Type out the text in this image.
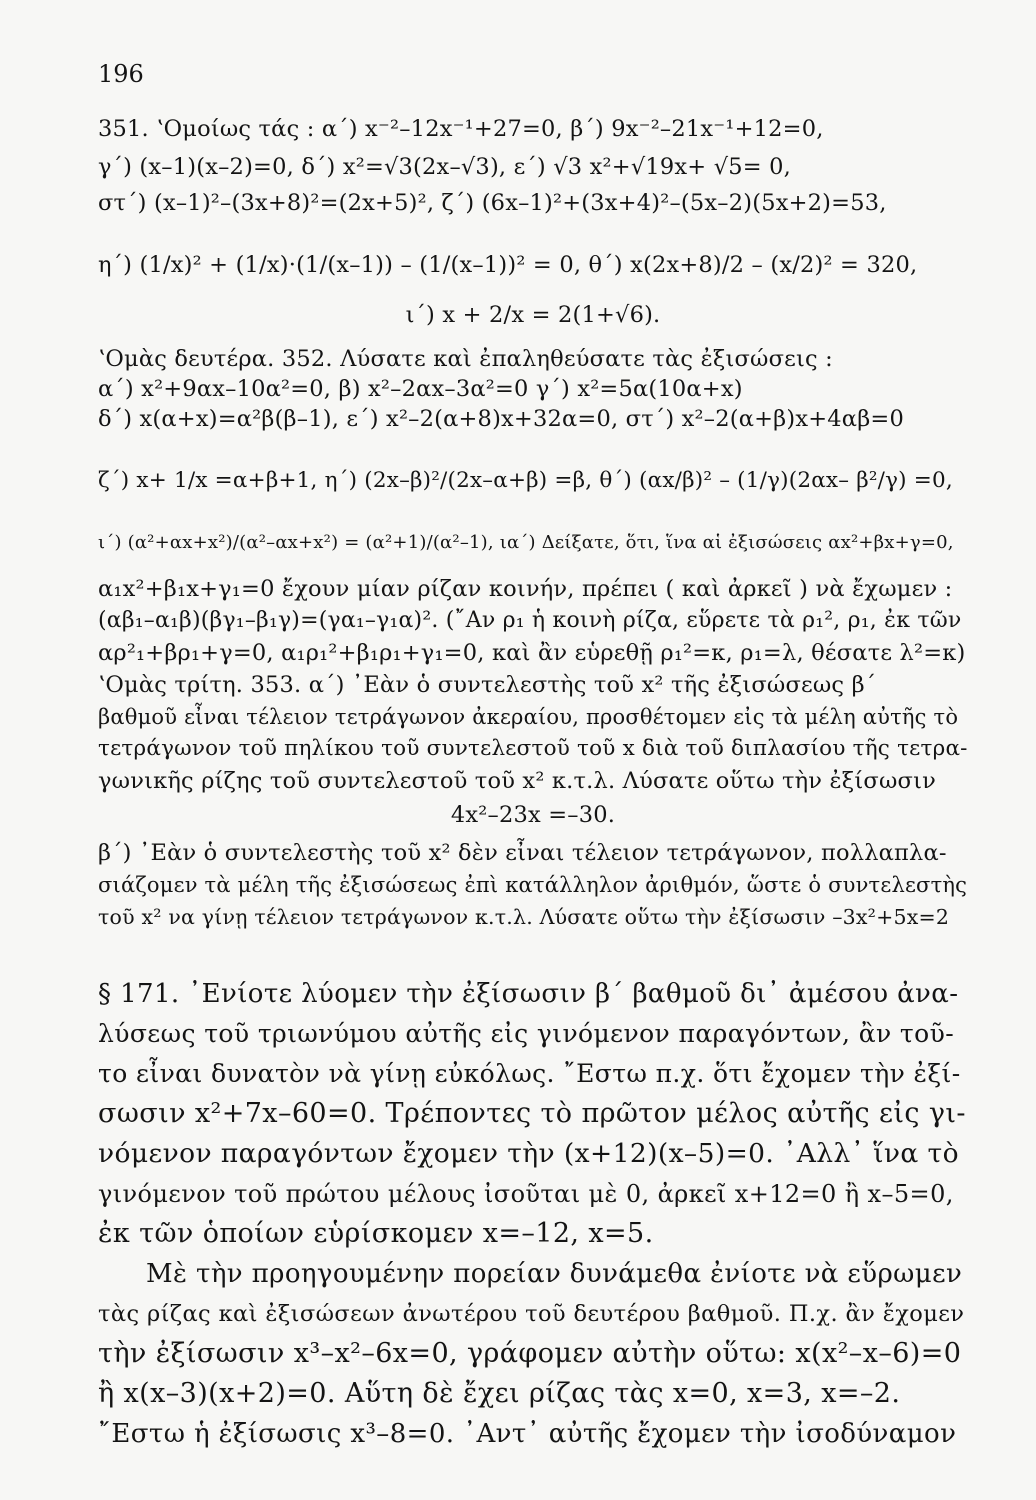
196
351. ʽΟμοίως τάς : α΄) x⁻²–12x⁻¹+27=0, β΄) 9x⁻²–21x⁻¹+12=0,
γ΄) (x–1)(x–2)=0, δ΄) x²=√3(2x–√3), ε΄) √3 x²+√19x+ √5= 0,
στ΄) (x–1)²–(3x+8)²=(2x+5)², ζ΄) (6x–1)²+(3x+4)²–(5x–2)(5x+2)=53,
η΄) (1/x)² + (1/x)·(1/(x–1)) – (1/(x–1))² = 0, θ΄) x(2x+8)/2 – (x/2)² = 320,
ι΄) x + 2/x = 2(1+√6).
ʽΟμὰς δευτέρα. 352. Λύσατε καὶ ἐπαληθεύσατε τὰς ἐξισώσεις :
α΄) x²+9αx–10α²=0, β) x²–2αx–3α²=0 γ΄) x²=5α(10α+x)
δ΄) x(α+x)=α²β(β–1), ε΄) x²–2(α+8)x+32α=0, στ΄) x²–2(α+β)x+4αβ=0
ζ΄) x+ 1/x =α+β+1, η΄) (2x–β)²/(2x–α+β) =β, θ΄) (αx/β)² – (1/γ)(2αx– β²/γ) =0,
ι΄) (α²+αx+x²)/(α²–αx+x²) = (α²+1)/(α²–1), ια΄) Δείξατε, ὅτι, ἵνα αἱ ἐξισώσεις αx²+βx+γ=0,
α₁x²+β₁x+γ₁=0 ἔχουν μίαν ρίζαν κοινήν, πρέπει ( καὶ ἀρκεῖ ) νὰ ἔχωμεν :
(αβ₁–α₁β)(βγ₁–β₁γ)=(γα₁–γ₁α)². (῎Αν ρ₁ ἡ κοινὴ ρίζα, εὕρετε τὰ ρ₁², ρ₁, ἐκ τῶν
αρ²₁+βρ₁+γ=0, α₁ρ₁²+β₁ρ₁+γ₁=0, καὶ ἂν εὑρεθῇ ρ₁²=κ, ρ₁=λ, θέσατε λ²=κ)
ʽΟμὰς τρίτη. 353. α΄) ᾽Εὰν ὁ συντελεστὴς τοῦ x² τῆς ἐξισώσεως β΄
βαθμοῦ εἶναι τέλειον τετράγωνον ἀκεραίου, προσθέτομεν εἰς τὰ μέλη αὐτῆς τὸ
τετράγωνον τοῦ πηλίκου τοῦ συντελεστοῦ τοῦ x διὰ τοῦ διπλασίου τῆς τετρα-
γωνικῆς ρίζης τοῦ συντελεστοῦ τοῦ x² κ.τ.λ. Λύσατε οὕτω τὴν ἐξίσωσιν
4x²–23x =–30.
β΄) ᾽Εὰν ὁ συντελεστὴς τοῦ x² δὲν εἶναι τέλειον τετράγωνον, πολλαπλα-
σιάζομεν τὰ μέλη τῆς ἐξισώσεως ἐπὶ κατάλληλον ἀριθμόν, ὥστε ὁ συντελεστὴς
τοῦ x² να γίνῃ τέλειον τετράγωνον κ.τ.λ. Λύσατε οὕτω τὴν ἐξίσωσιν –3x²+5x=2
§ 171. ᾽Ενίοτε λύομεν τὴν ἐξίσωσιν β΄ βαθμοῦ δι᾽ ἀμέσου ἀνα-
λύσεως τοῦ τριωνύμου αὐτῆς εἰς γινόμενον παραγόντων, ἂν τοῦ-
το εἶναι δυνατὸν νὰ γίνῃ εὐκόλως. ῎Εστω π.χ. ὅτι ἔχομεν τὴν ἐξί-
σωσιν x²+7x–60=0. Τρέποντες τὸ πρῶτον μέλος αὐτῆς εἰς γι-
νόμενον παραγόντων ἔχομεν τὴν (x+12)(x–5)=0. ᾽Αλλ᾽ ἵνα τὸ
γινόμενον τοῦ πρώτου μέλους ἰσοῦται μὲ 0, ἀρκεῖ x+12=0 ἢ x–5=0,
ἐκ τῶν ὁποίων εὑρίσκομεν x=–12, x=5.
Μὲ τὴν προηγουμένην πορείαν δυνάμεθα ἐνίοτε νὰ εὕρωμεν
τὰς ρίζας καὶ ἐξισώσεων ἀνωτέρου τοῦ δευτέρου βαθμοῦ. Π.χ. ἂν ἔχομεν
τὴν ἐξίσωσιν x³–x²–6x=0, γράφομεν αὐτὴν οὕτω: x(x²–x–6)=0
ἢ x(x–3)(x+2)=0. Αὕτη δὲ ἔχει ρίζας τὰς x=0, x=3, x=–2.
῎Εστω ἡ ἐξίσωσις x³–8=0. ᾽Αντ᾽ αὐτῆς ἔχομεν τὴν ἰσοδύναμον
